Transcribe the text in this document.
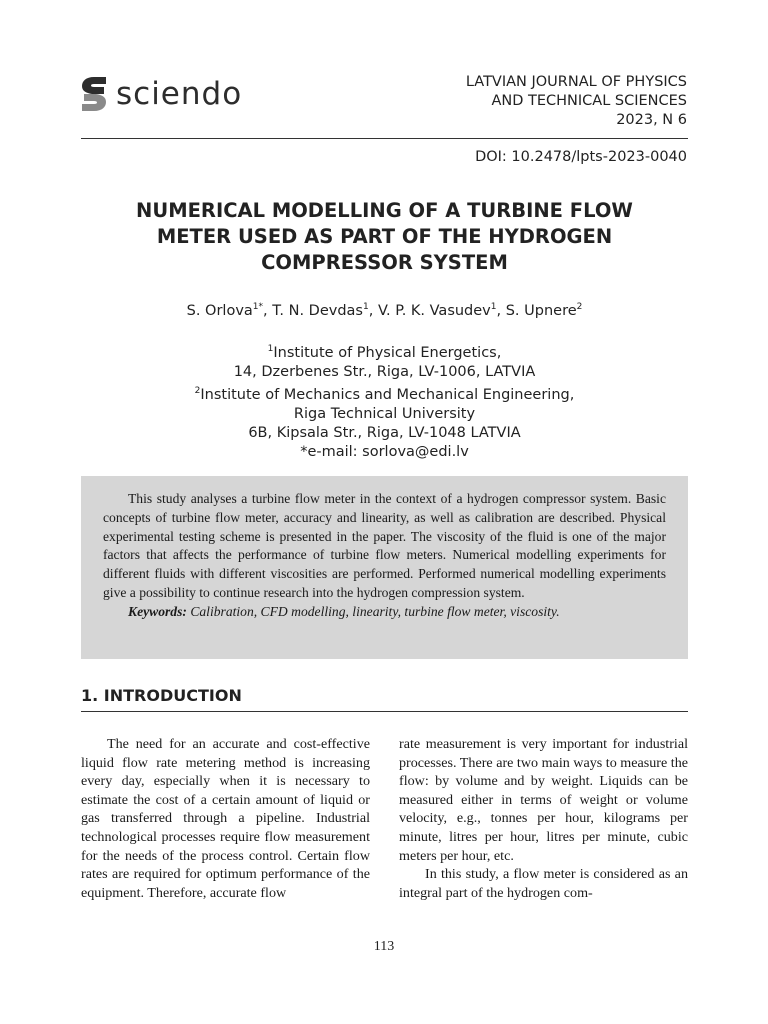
sciendo	LATVIAN JOURNAL OF PHYSICS
AND TECHNICAL SCIENCES
2023, N 6
DOI: 10.2478/lpts-2023-0040
NUMERICAL MODELLING OF A TURBINE FLOW
METER USED AS PART OF THE HYDROGEN
COMPRESSOR SYSTEM
S. Orlova$^{1*}$, T. N. Devdas$^1$, V. P. K. Vasudev$^1$, S. Upnere$^2$
$^1$Institute of Physical Energetics,
14, Dzerbenes Str., Riga, LV-1006, LATVIA
$^2$Institute of Mechanics and Mechanical Engineering,
Riga Technical University
6B, Kipsala Str., Riga, LV-1048 LATVIA
*e-mail: sorlova@edi.lv

This study analyses a turbine flow meter in the context of a hydrogen compressor system. Basic concepts of turbine flow meter, accuracy and linearity, as well as calibration are described. Physical experimental testing scheme is presented in the paper. The viscosity of the fluid is one of the major factors that affects the performance of turbine flow meters. Numerical modelling experiments for different fluids with different viscosities are performed. Performed numerical modelling experiments give a possibility to continue research into the hydrogen compression system.

Keywords: Calibration, CFD modelling, linearity, turbine flow meter, viscosity.

1. INTRODUCTION

The need for an accurate and cost-effective liquid flow rate metering method is increasing every day, especially when it is necessary to estimate the cost of a certain amount of liquid or gas transferred through a pipeline. Industrial technological processes require flow measurement for the needs of the process control. Certain flow rates are required for optimum performance of the equipment. Therefore, accurate flow

rate measurement is very important for industrial processes. There are two main ways to measure the flow: by volume and by weight. Liquids can be measured either in terms of weight or volume velocity, e.g., tonnes per hour, kilograms per minute, litres per hour, litres per minute, cubic meters per hour, etc.

In this study, a flow meter is considered as an integral part of the hydrogen com-

113
